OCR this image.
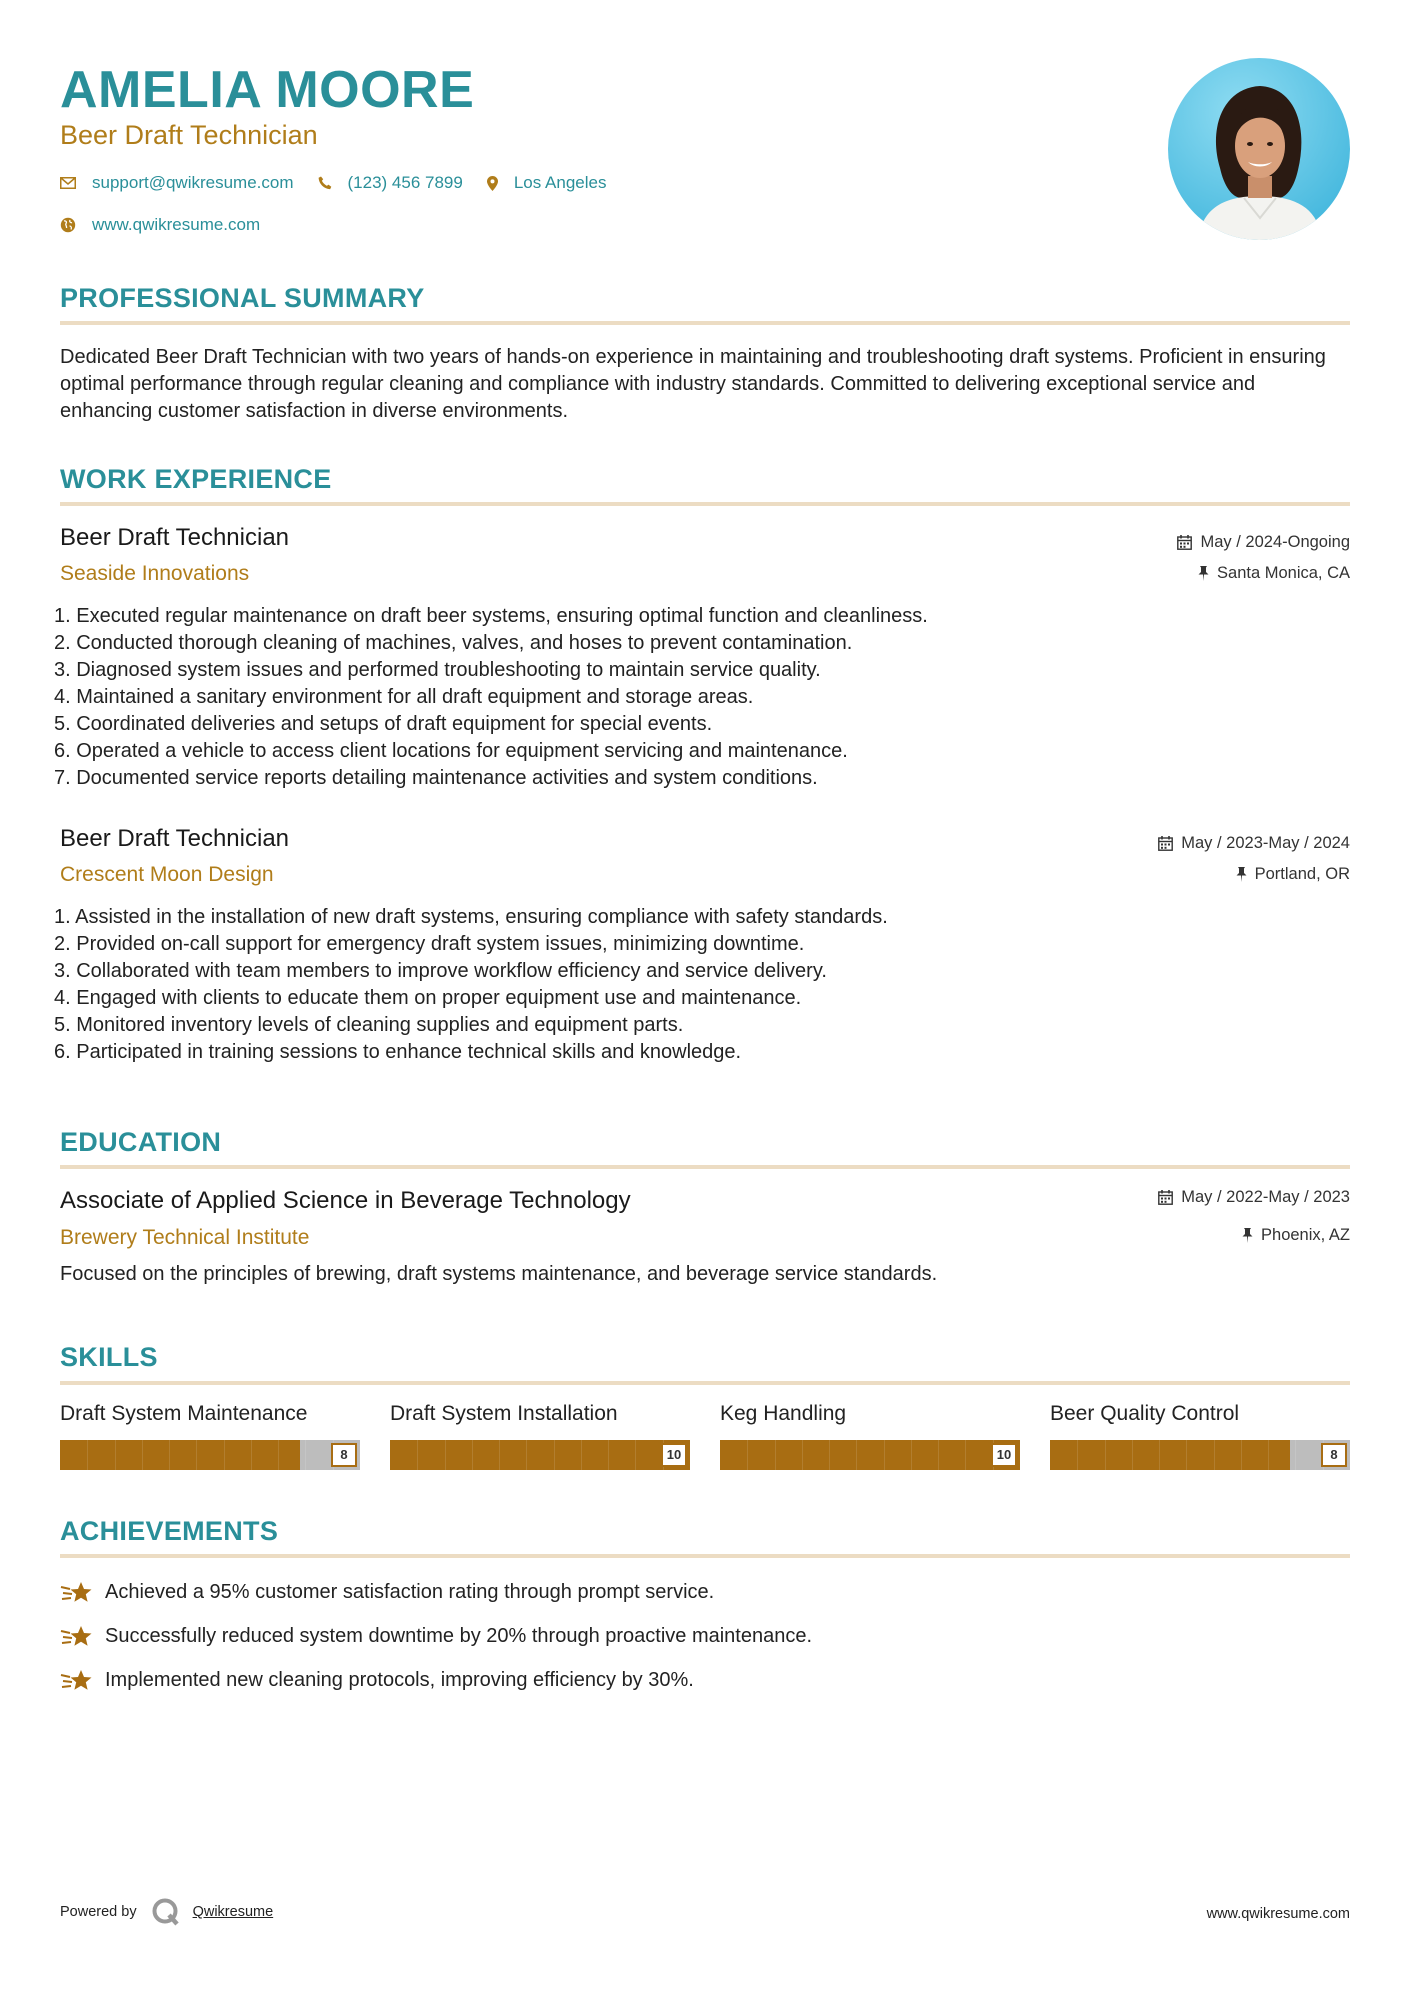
AMELIA MOORE
Beer Draft Technician
support@qwikresume.com	(123) 456 7899	Los Angeles
www.qwikresume.com
PROFESSIONAL SUMMARY
Dedicated Beer Draft Technician with two years of hands-on experience in maintaining and troubleshooting draft systems. Proficient in ensuring optimal performance through regular cleaning and compliance with industry standards. Committed to delivering exceptional service and enhancing customer satisfaction in diverse environments.
WORK EXPERIENCE
Beer Draft Technician
Seaside Innovations
May / 2024-Ongoing
Santa Monica, CA
1. Executed regular maintenance on draft beer systems, ensuring optimal function and cleanliness.
2. Conducted thorough cleaning of machines, valves, and hoses to prevent contamination.
3. Diagnosed system issues and performed troubleshooting to maintain service quality.
4. Maintained a sanitary environment for all draft equipment and storage areas.
5. Coordinated deliveries and setups of draft equipment for special events.
6. Operated a vehicle to access client locations for equipment servicing and maintenance.
7. Documented service reports detailing maintenance activities and system conditions.
Beer Draft Technician
Crescent Moon Design
May / 2023-May / 2024
Portland, OR
1. Assisted in the installation of new draft systems, ensuring compliance with safety standards.
2. Provided on-call support for emergency draft system issues, minimizing downtime.
3. Collaborated with team members to improve workflow efficiency and service delivery.
4. Engaged with clients to educate them on proper equipment use and maintenance.
5. Monitored inventory levels of cleaning supplies and equipment parts.
6. Participated in training sessions to enhance technical skills and knowledge.
EDUCATION
Associate of Applied Science in Beverage Technology
Brewery Technical Institute
May / 2022-May / 2023
Phoenix, AZ
Focused on the principles of brewing, draft systems maintenance, and beverage service standards.
SKILLS
Draft System Maintenance
8
Draft System Installation
10
Keg Handling
10
Beer Quality Control
8
ACHIEVEMENTS
Achieved a 95% customer satisfaction rating through prompt service.
Successfully reduced system downtime by 20% through proactive maintenance.
Implemented new cleaning protocols, improving efficiency by 30%.
Powered by	Qwikresume	www.qwikresume.com
